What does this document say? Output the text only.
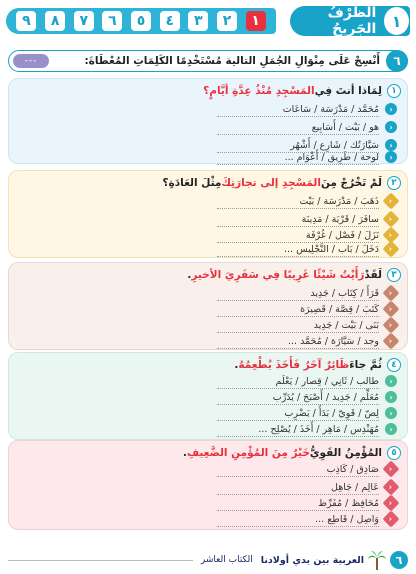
١
الظَّرْفُ الجَرِيحُ
١
٢
٣
٤
٥
٦
٧
٨
٩
٦
أَنْسِجْ عَلَى مِنْوَالِ الجُمَلِ التالية مُسْتَخْدِمًا الكَلِمَاتِ المُعْطَاةَ:
---
١
لِمَاذا أنتَ فِي
المَسْجِدِ مُنْذُ عِدَّةِ أيَّامٍ؟
‹
مُحَمَّد / مَدْرَسَة / سَاعَات
‹
هو / بَيْت / أَسَابِيع
‹
سَيَّارَتُك / شَارِع / أَشْهُر
‹
لوحة / طَرِيق / أَعْوَام ...
٢
لَمْ تَخْرُجْ مِنَ
المَسْجِدِ إلى تجارَتِكَ
مِثْلَ العَادَةِ؟
‹
ذَهَبَ / مَدْرَسَة / بَيْت
‹
سافَرَ / قَرْيَة / مَدِينَة
‹
نَزَلَ / فَصْل / غُرْفَة
‹
دَخَلَ / بَاب / التَّجْلِيس ...
٣
لَقَدْ
رَأَيْتُ شَيْئًا غَرِيبًا فِي سَفَرِيَ الأخيرِ
.
‹
قَرَأَ / كِتَاب / جَدِيد
‹
كَتَبَ / قِصَّة / قَصِيرَة
‹
بَنَى / بَيْت / جَدِيد
‹
وجد / سَيَّارَة / مُحَمَّد ...
٤
ثُمَّ جاءَ
ظَائِرٌ آخَرُ فَأَخَذَ يُطْعِمُهُ
.
‹
طالب / ثَانِي / قِصار / يَعْلَم
‹
مُعَلِّم / جَدِيد / أَصْبَحَ / يُدَرِّب
‹
لِصّ / قَوِيّ / بَدَأَ / يَضْرِب
‹
مُهَنْدِس / مَاهِر / أَخَذَ / يُصْلِح ...
٥
المُؤْمِنُ القَوِيُّ
خَيْرٌ مِنَ المُؤْمِنِ الضَّعِيفِ
.
‹
صَادِق / كَاذِب
‹
عَالِم / جَاهِل
‹
مُحَافِظ / مُفَرِّط
‹
وَاصِل / قَاطِع ...
٦
العربية بين يدي أولادنا
الكتاب العاشر
